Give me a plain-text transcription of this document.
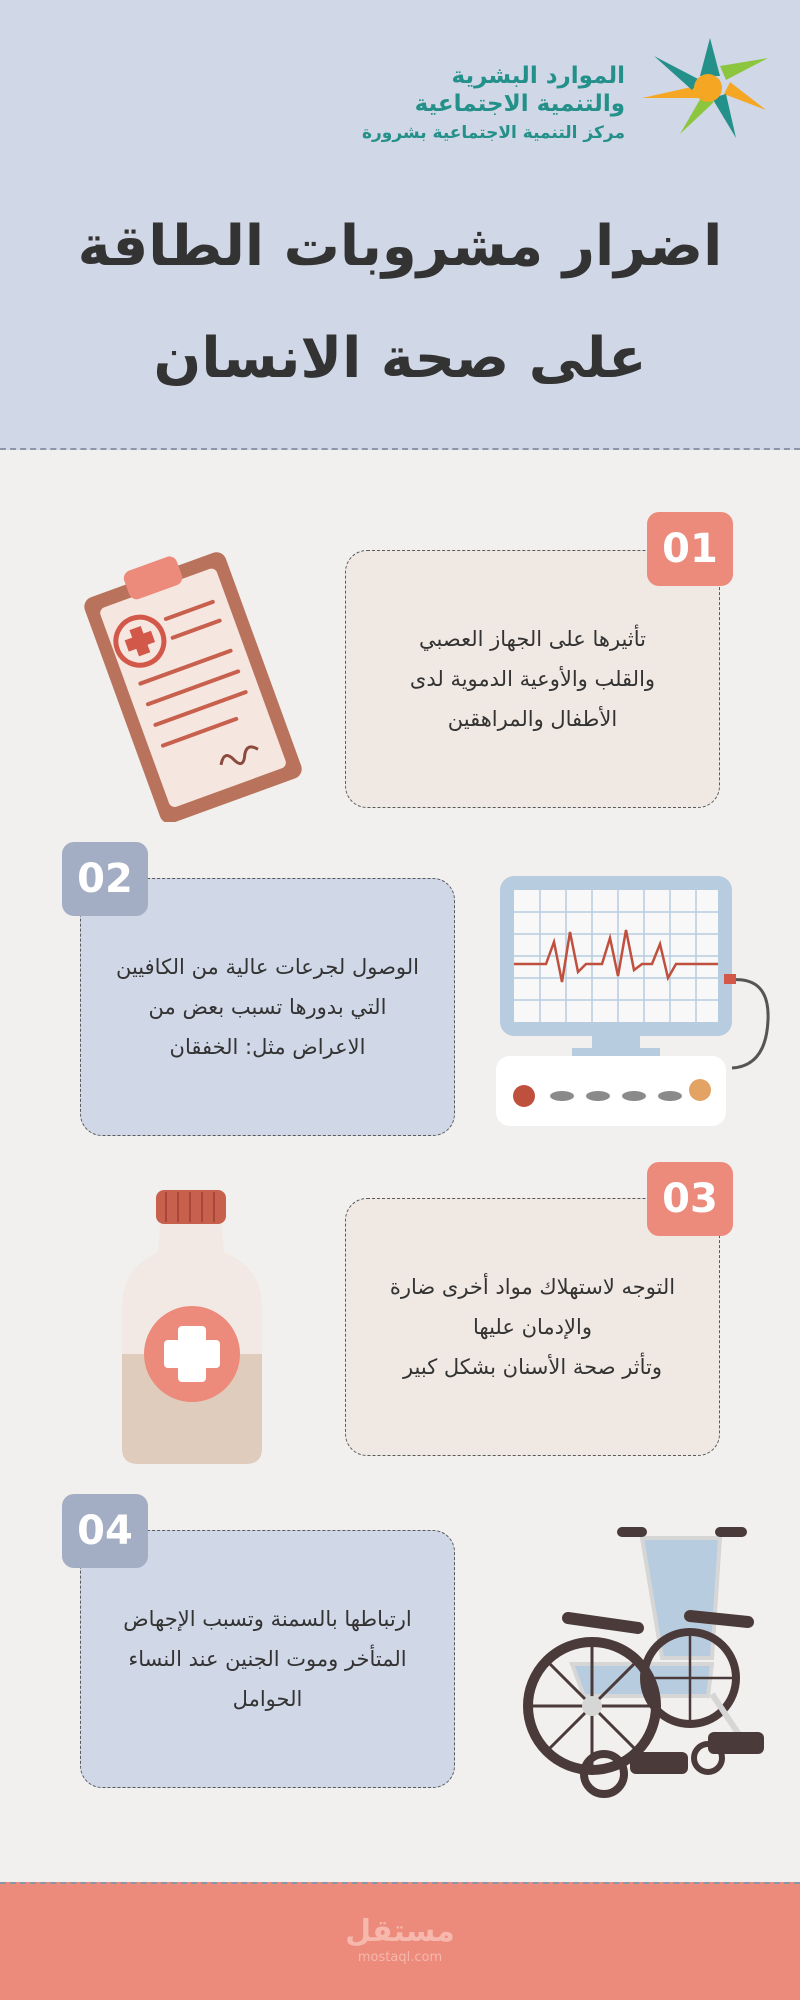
الموارد البشرية
والتنمية الاجتماعية
مركز التنمية الاجتماعية بشرورة
اضرار مشروبات الطاقة
على صحة الانسان
تأثيرها على الجهاز العصبي
والقلب والأوعية الدموية لدى
الأطفال والمراهقين
01
الوصول لجرعات عالية من الكافيين
التي بدورها تسبب بعض من
الاعراض مثل: الخفقان
02
التوجه لاستهلاك مواد أخرى ضارة
والإدمان عليها
وتأثر صحة الأسنان بشكل كبير
03
ارتباطها بالسمنة وتسبب الإجهاض
المتأخر وموت الجنين عند النساء
الحوامل
04
مستقل
mostaql.com
